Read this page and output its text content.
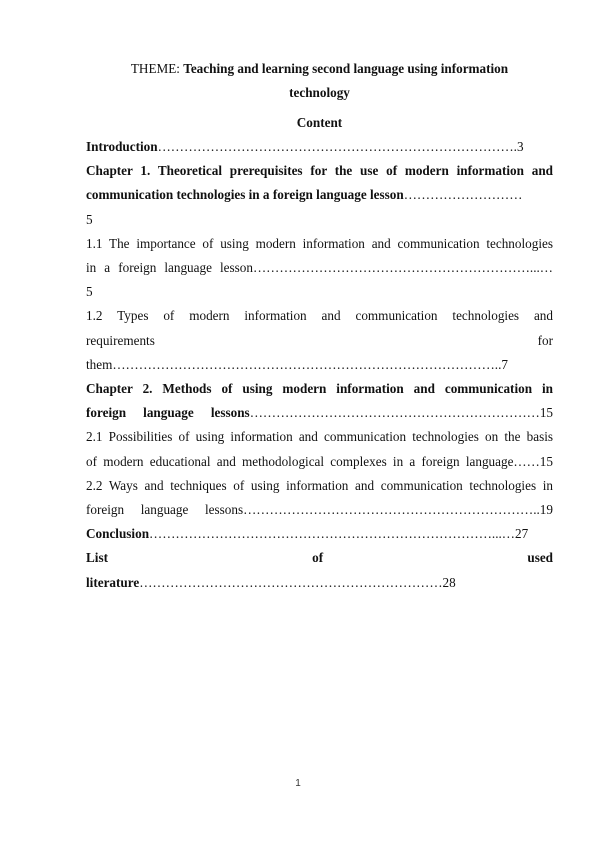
THEME: Teaching and learning second language using information
technology
Content

Introduction……………………………………………………………………….3

Chapter 1. Theoretical prerequisites for the use of modern information and

communication technologies in a foreign language lesson………………………

5

1.1 The importance of using modern information and communication technologies

in a foreign language lesson………………………………………………………...…

5

1.2 Types of modern information and communication technologies and

requirements	for

them……………………………………………………………………………..7

Chapter 2. Methods of using modern information and communication in

foreign language lessons…………………………………………………………15

2.1 Possibilities of using information and communication technologies on the basis

of modern educational and methodological complexes in a foreign language……15

2.2 Ways and techniques of using information and communication technologies in

foreign language lessons…………………………………………………………..19

Conclusion……………………………………………………………………...…27

List	of	used

literature……………………………………………………………28

1
